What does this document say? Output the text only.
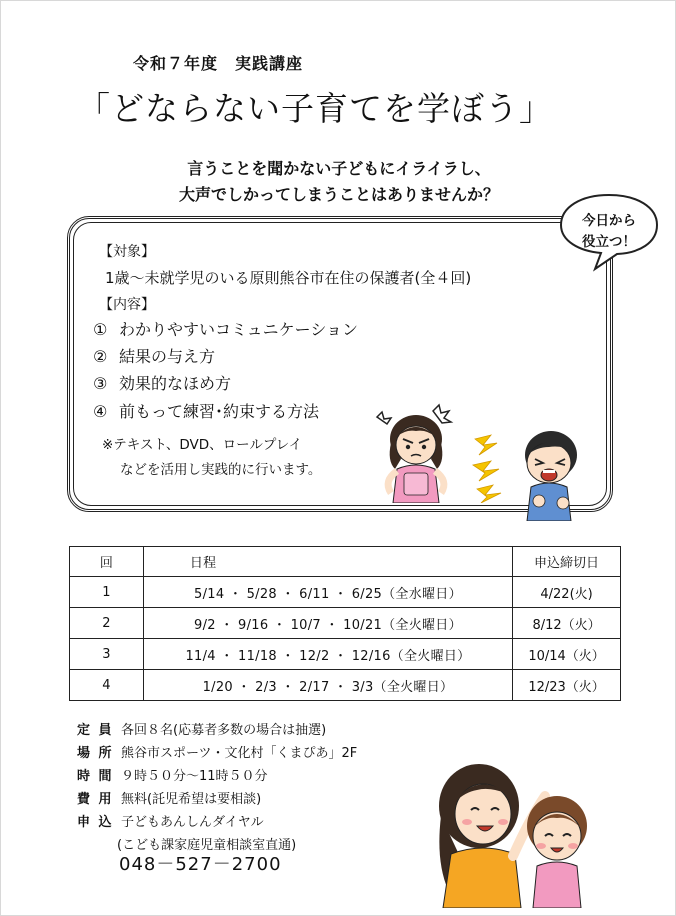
令和７年度　実践講座
「どならない子育てを学ぼう」
言うことを聞かない子どもにイライラし、
大声でしかってしまうことはありませんか？
今日から
役立つ！
【対象】
1歳～未就学児のいる原則熊谷市在住の保護者(全４回)
【内容】
① わかりやすいコミュニケーション
② 結果の与え方
③ 効果的なほめ方
④ 前もって練習･約束する方法
※テキスト、DVD、ロールプレイ
などを活用し実践的に行います。
回	日程	申込締切日
1	5/14 ・ 5/28 ・ 6/11 ・ 6/25（全水曜日）	4/22(火)
2	9/2 ・ 9/16 ・ 10/7 ・ 10/21（全火曜日）	8/12（火）
3	11/4 ・ 11/18 ・ 12/2 ・ 12/16（全火曜日）	10/14（火）
4	1/20 ・ 2/3 ・ 2/17 ・ 3/3（全火曜日）	12/23（火）
定 員 各回８名(応募者多数の場合は抽選)
場 所 熊谷市スポーツ・文化村「くまぴあ」2F
時 間 ９時５０分～11時５０分
費 用 無料(託児希望は要相談)
申 込 子どもあんしんダイヤル
(こども課家庭児童相談室直通)
048－527－2700
